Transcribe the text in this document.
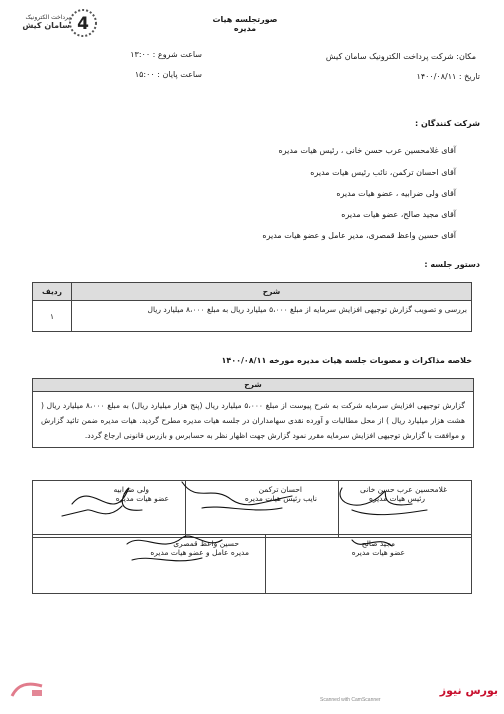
4
پرداخت الکترونیک
سامان کیش
صورتجلسه هیات مدیره
مکان: شرکت پرداخت الکترونیک سامان کیش
تاریخ : ۱۴۰۰/۰۸/۱۱
ساعت شروع : ۱۳:۰۰
ساعت پایان : ۱۵:۰۰
شرکت کنندگان :
آقای غلامحسین عرب حسن خانی ، رئیس هیات مدیره
آقای احسان ترکمن، نائب رئیس هیات مدیره
آقای ولی ضرابیه ، عضو هیات مدیره
آقای مجید صالح، عضو هیات مدیره
آقای حسین واعظ قمصری، مدیر عامل و عضو هیات مدیره
دستور جلسه :
ردیف	شرح
۱	بررسی و تصویب گزارش توجیهی افزایش سرمایه از مبلغ ۵،۰۰۰ میلیارد ریال به مبلغ ۸،۰۰۰ میلیارد ریال
خلاصه مذاکرات و مصوبات جلسه هیات مدیره مورخه ۱۴۰۰/۰۸/۱۱
شرح
گزارش توجیهی افزایش سرمایه شرکت به شرح پیوست از مبلغ ۵،۰۰۰ میلیارد ریال (پنج هزار میلیارد ریال) به مبلغ ۸،۰۰۰ میلیارد ریال ( هشت هزار میلیارد ریال ) از محل مطالبات و آورده نقدی سهامداران در جلسه هیات مدیره مطرح گردید. هیات مدیره ضمن تائید گزارش و موافقت با گزارش توجیهی افزایش سرمایه مقرر نمود گزارش جهت اظهار نظر به حسابرس و بازرس قانونی ارجاع گردد.
ولی ضرابیه
عضو هیات مدیره

احسان ترکمن
نایب رئیس هیات مدیره

غلامحسین عرب حسن خانی
رئیس هیات مدیره
حسین واعظ قمصری
مدیره عامل و عضو هیات مدیره

مجید صالح
عضو هیات مدیره
Scanned with CamScanner
بورس نیوز
